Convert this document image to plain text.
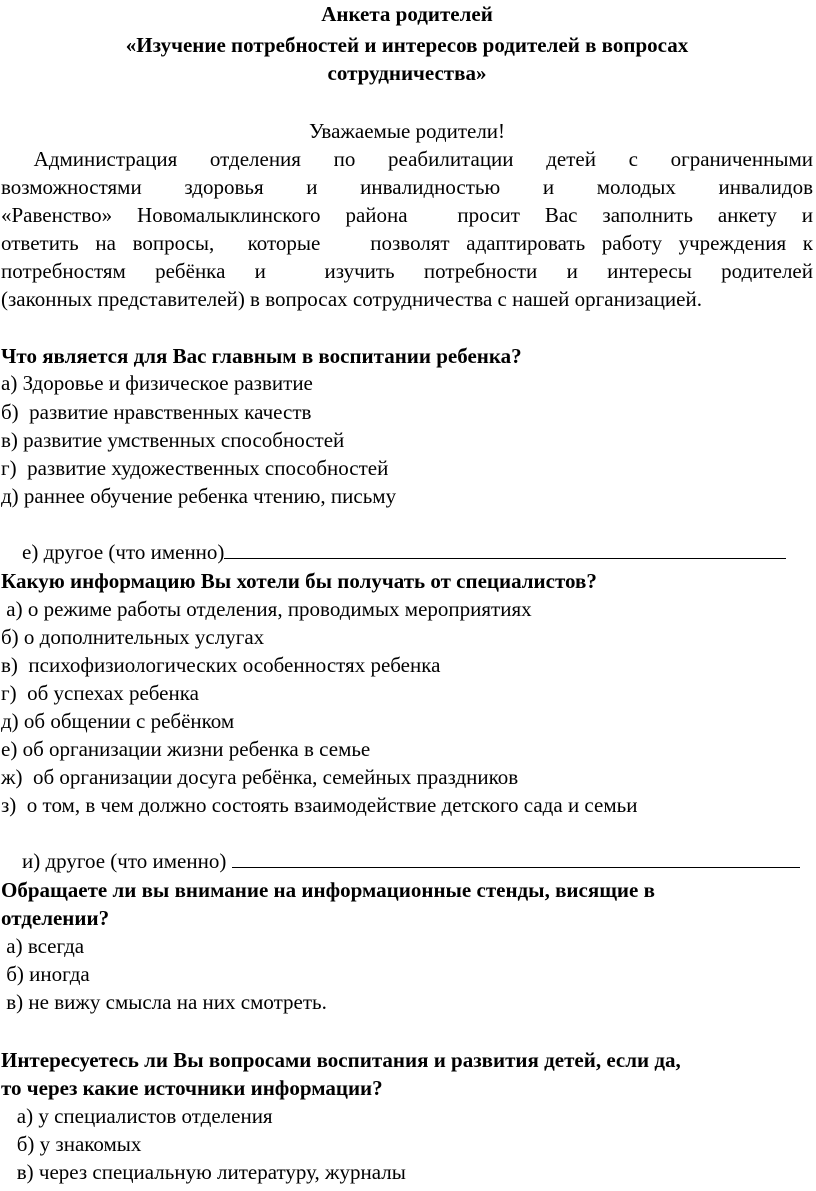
Анкета родителей
«Изучение потребностей и интересов родителей в вопросах
сотрудничества»
Уважаемые родители!
Администрация отделения по реабилитации детей с ограниченными
возможностями здоровья и инвалидностью и молодых инвалидов
«Равенство» Новомалыклинского района  просит Вас заполнить анкету и
ответить на вопросы,  которые   позволят адаптировать работу учреждения к
потребностям ребёнка и  изучить потребности и интересы родителей
(законных представителей) в вопросах сотрудничества с нашей организацией.
Что является для Вас главным в воспитании ребенка?
а) Здоровье и физическое развитие
б)  развитие нравственных качеств
в) развитие умственных способностей
г)  развитие художественных способностей
д) раннее обучение ребенка чтению, письму

е) другое (что именно)

Какую информацию Вы хотели бы получать от специалистов?
а) о режиме работы отделения, проводимых мероприятиях
б) о дополнительных услугах
в)  психофизиологических особенностях ребенка
г)  об успехах ребенка
д) об общении с ребёнком
е) об организации жизни ребенка в семье
ж)  об организации досуга ребёнка, семейных праздников
з)  о том, в чем должно состоять взаимодействие детского сада и семьи

и) другое (что именно)

Обращаете ли вы внимание на информационные стенды, висящие в
отделении?
а) всегда
б) иногда
в) не вижу смысла на них смотреть.
Интересуетесь ли Вы вопросами воспитания и развития детей, если да,
то через какие источники информации?
а) у специалистов отделения
б) у знакомых
в) через специальную литературу, журналы
